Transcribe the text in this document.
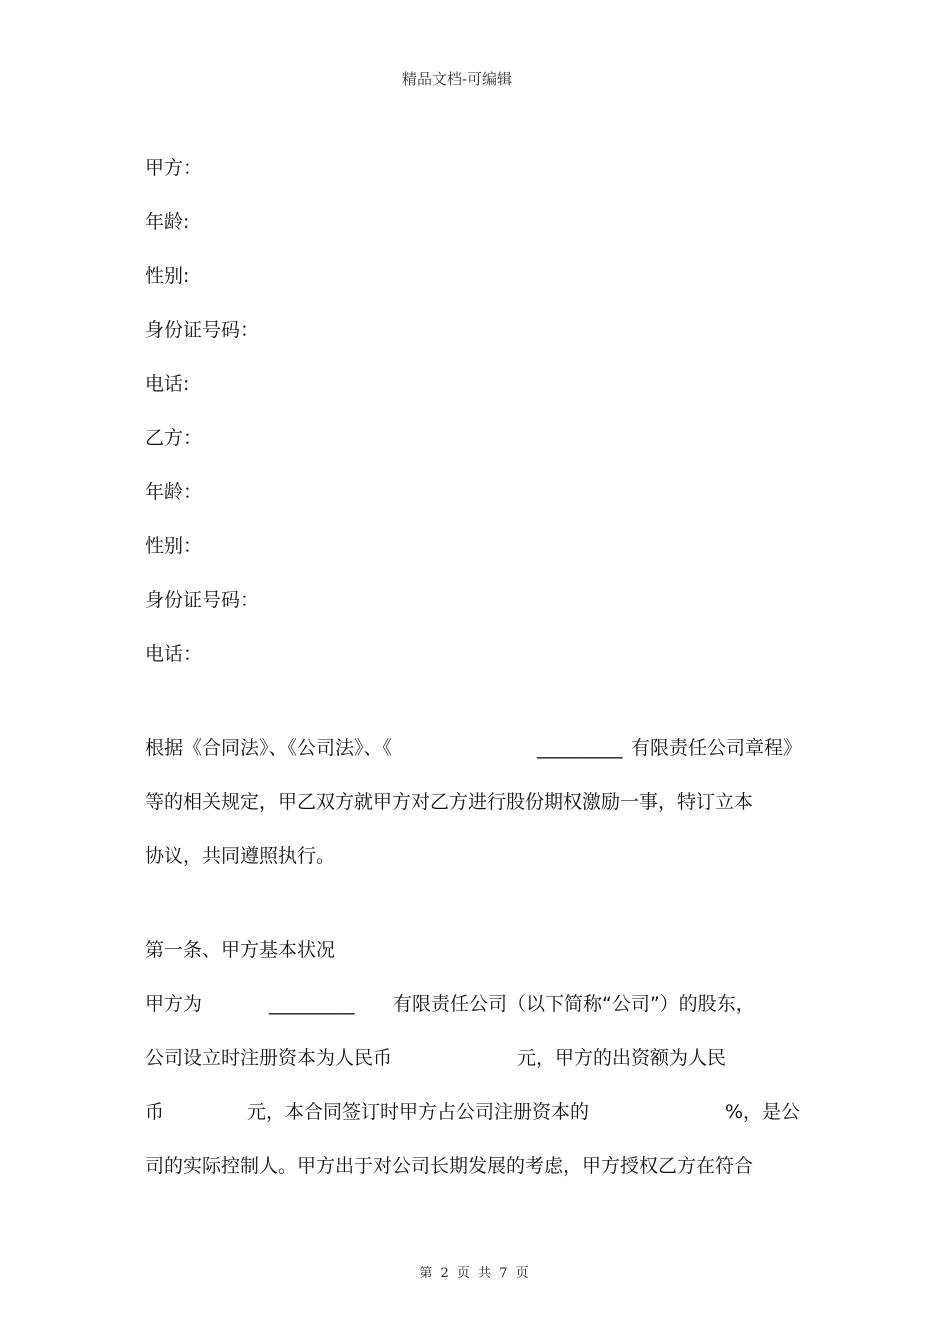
精品文档-可编辑
甲方：
年龄:
性别:
身份证号码：
电话:
乙方：
年龄：
性别：
身份证号码：
电话：
根据《合同法》、《公司法》、《	_________ 有限责任公司章程》
等的相关规定，甲乙双方就甲方对乙方进行股份期权激励一事，特订立本
协议，共同遵照执行。
第一条、甲方基本状况
甲方为	_________ 有限责任公司（以下简称“公司”）的股东，
公司设立时注册资本为人民币	元，甲方的出资额为人民
币	元，本合同签订时甲方占公司注册资本的	%，是公
司的实际控制人。甲方出于对公司长期发展的考虑，甲方授权乙方在符合
第 2 页 共 7 页
